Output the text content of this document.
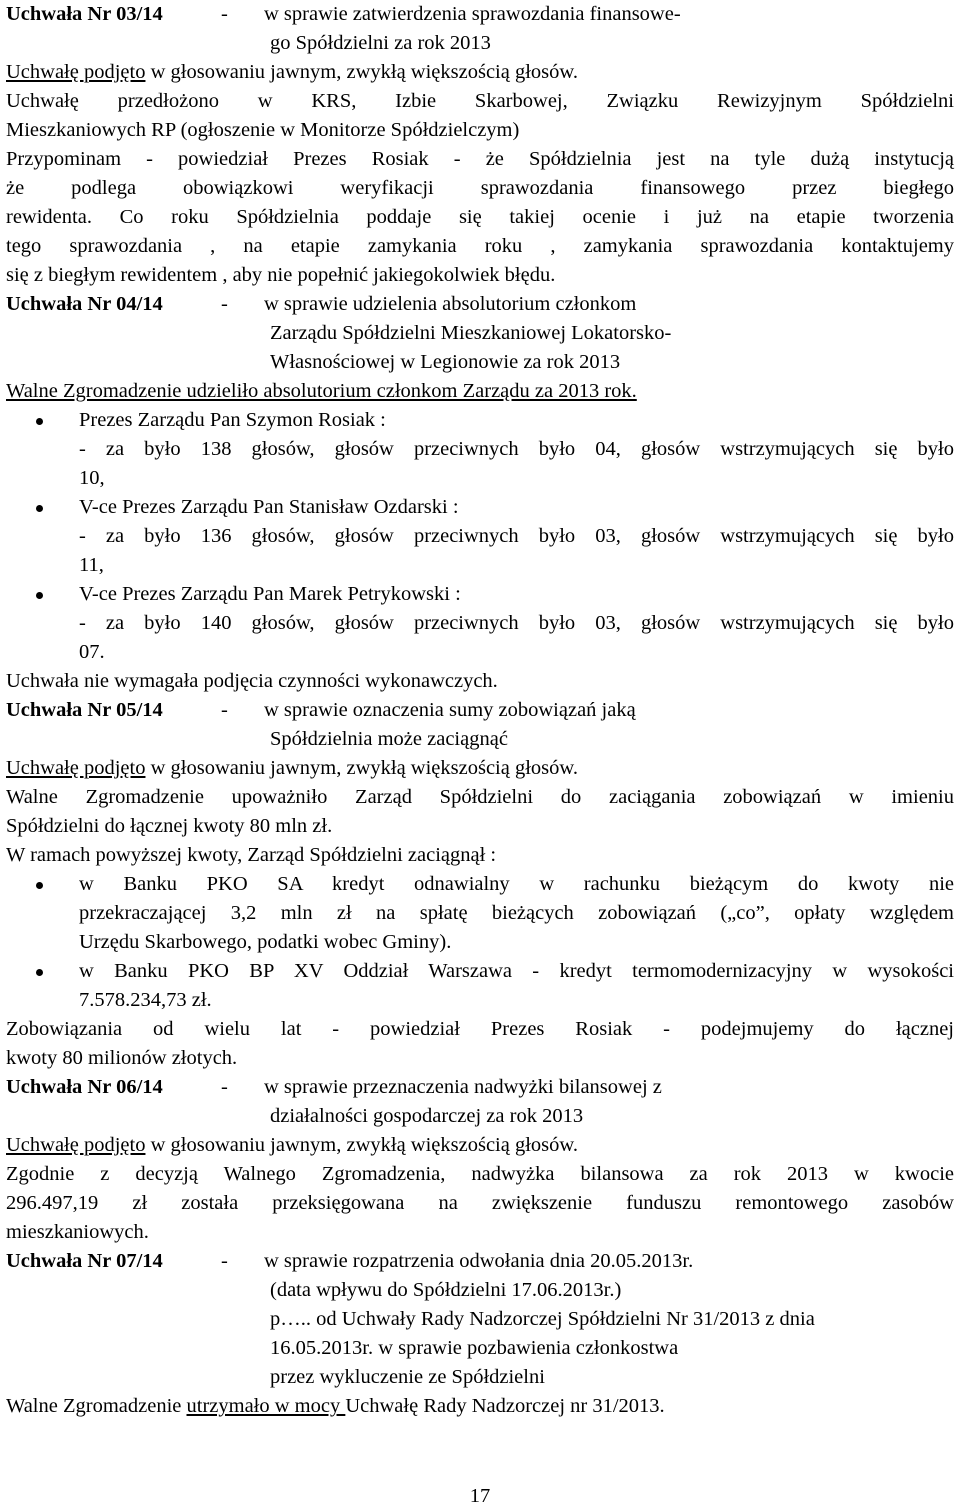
Uchwała Nr 03/14	- w sprawie zatwierdzenia sprawozdania finansowe-
go Spółdzielni za rok 2013
Uchwałę podjęto w głosowaniu jawnym, zwykłą większością głosów.
Uchwałę przedłożono w KRS, Izbie Skarbowej, Związku Rewizyjnym Spółdzielni
Mieszkaniowych RP (ogłoszenie w Monitorze Spółdzielczym)
Przypominam - powiedział Prezes Rosiak - że Spółdzielnia jest na tyle dużą instytucją
że podlega obowiązkowi weryfikacji sprawozdania finansowego przez biegłego
rewidenta. Co roku Spółdzielnia poddaje się takiej ocenie i już na etapie tworzenia
tego sprawozdania , na etapie zamykania roku , zamykania sprawozdania kontaktujemy
się z biegłym rewidentem , aby nie popełnić jakiegokolwiek błędu.
Uchwała Nr 04/14	- w sprawie udzielenia absolutorium członkom
Zarządu Spółdzielni Mieszkaniowej Lokatorsko-
Własnościowej w Legionowie za rok 2013
Walne Zgromadzenie udzieliło absolutorium członkom Zarządu za 2013 rok.
Prezes Zarządu Pan Szymon Rosiak :
- za było 138 głosów, głosów przeciwnych było 04, głosów wstrzymujących się było
10,
V-ce Prezes Zarządu Pan Stanisław Ozdarski :
- za było 136 głosów, głosów przeciwnych było 03, głosów wstrzymujących się było
11,
V-ce Prezes Zarządu Pan Marek Petrykowski :
- za było 140 głosów, głosów przeciwnych było 03, głosów wstrzymujących się było
07.
Uchwała nie wymagała podjęcia czynności wykonawczych.
Uchwała Nr 05/14	- w sprawie oznaczenia sumy zobowiązań jaką
Spółdzielnia może zaciągnąć
Uchwałę podjęto w głosowaniu jawnym, zwykłą większością głosów.
Walne Zgromadzenie upoważniło Zarząd Spółdzielni do zaciągania zobowiązań w imieniu
Spółdzielni do łącznej kwoty 80 mln zł.
W ramach powyższej kwoty, Zarząd Spółdzielni zaciągnął :
w Banku PKO SA kredyt odnawialny w rachunku bieżącym do kwoty nie
przekraczającej 3,2 mln zł na spłatę bieżących zobowiązań („co”, opłaty względem
Urzędu Skarbowego, podatki wobec Gminy).
w Banku PKO BP XV Oddział Warszawa - kredyt termomodernizacyjny w wysokości
7.578.234,73 zł.
Zobowiązania od wielu lat - powiedział Prezes Rosiak - podejmujemy do łącznej
kwoty 80 milionów złotych.
Uchwała Nr 06/14	- w sprawie przeznaczenia nadwyżki bilansowej z
działalności gospodarczej za rok 2013
Uchwałę podjęto w głosowaniu jawnym, zwykłą większością głosów.
Zgodnie z decyzją Walnego Zgromadzenia, nadwyżka bilansowa za rok 2013 w kwocie
296.497,19 zł została przeksięgowana na zwiększenie funduszu remontowego zasobów
mieszkaniowych.
Uchwała Nr 07/14	- w sprawie rozpatrzenia odwołania dnia 20.05.2013r.
(data wpływu do Spółdzielni 17.06.2013r.)
p….. od Uchwały Rady Nadzorczej Spółdzielni Nr 31/2013 z dnia
16.05.2013r. w sprawie pozbawienia członkostwa
przez wykluczenie ze Spółdzielni
Walne Zgromadzenie utrzymało w mocy Uchwałę Rady Nadzorczej nr 31/2013.
17
